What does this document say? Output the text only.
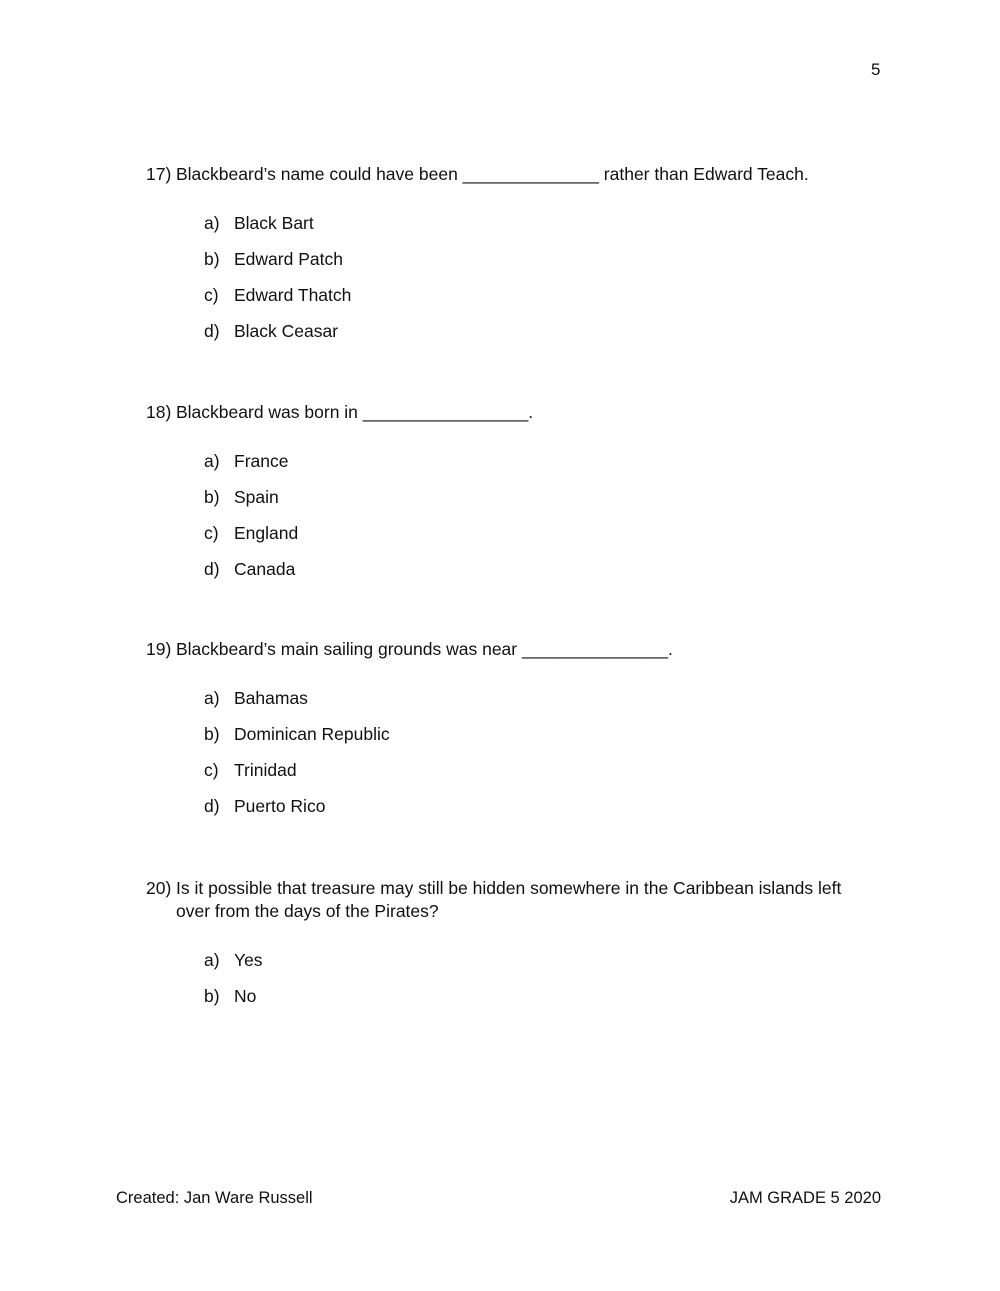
5
17) Blackbeard’s name could have been ______________ rather than Edward Teach.
a) Black Bart
b) Edward Patch
c) Edward Thatch
d) Black Ceasar
18) Blackbeard was born in _________________.
a) France
b) Spain
c) England
d) Canada
19) Blackbeard’s main sailing grounds was near _______________.
a) Bahamas
b) Dominican Republic
c) Trinidad
d) Puerto Rico
20) Is it possible that treasure may still be hidden somewhere in the Caribbean islands left over from the days of the Pirates?
a) Yes
b) No
Created: Jan Ware Russell	JAM GRADE 5 2020
